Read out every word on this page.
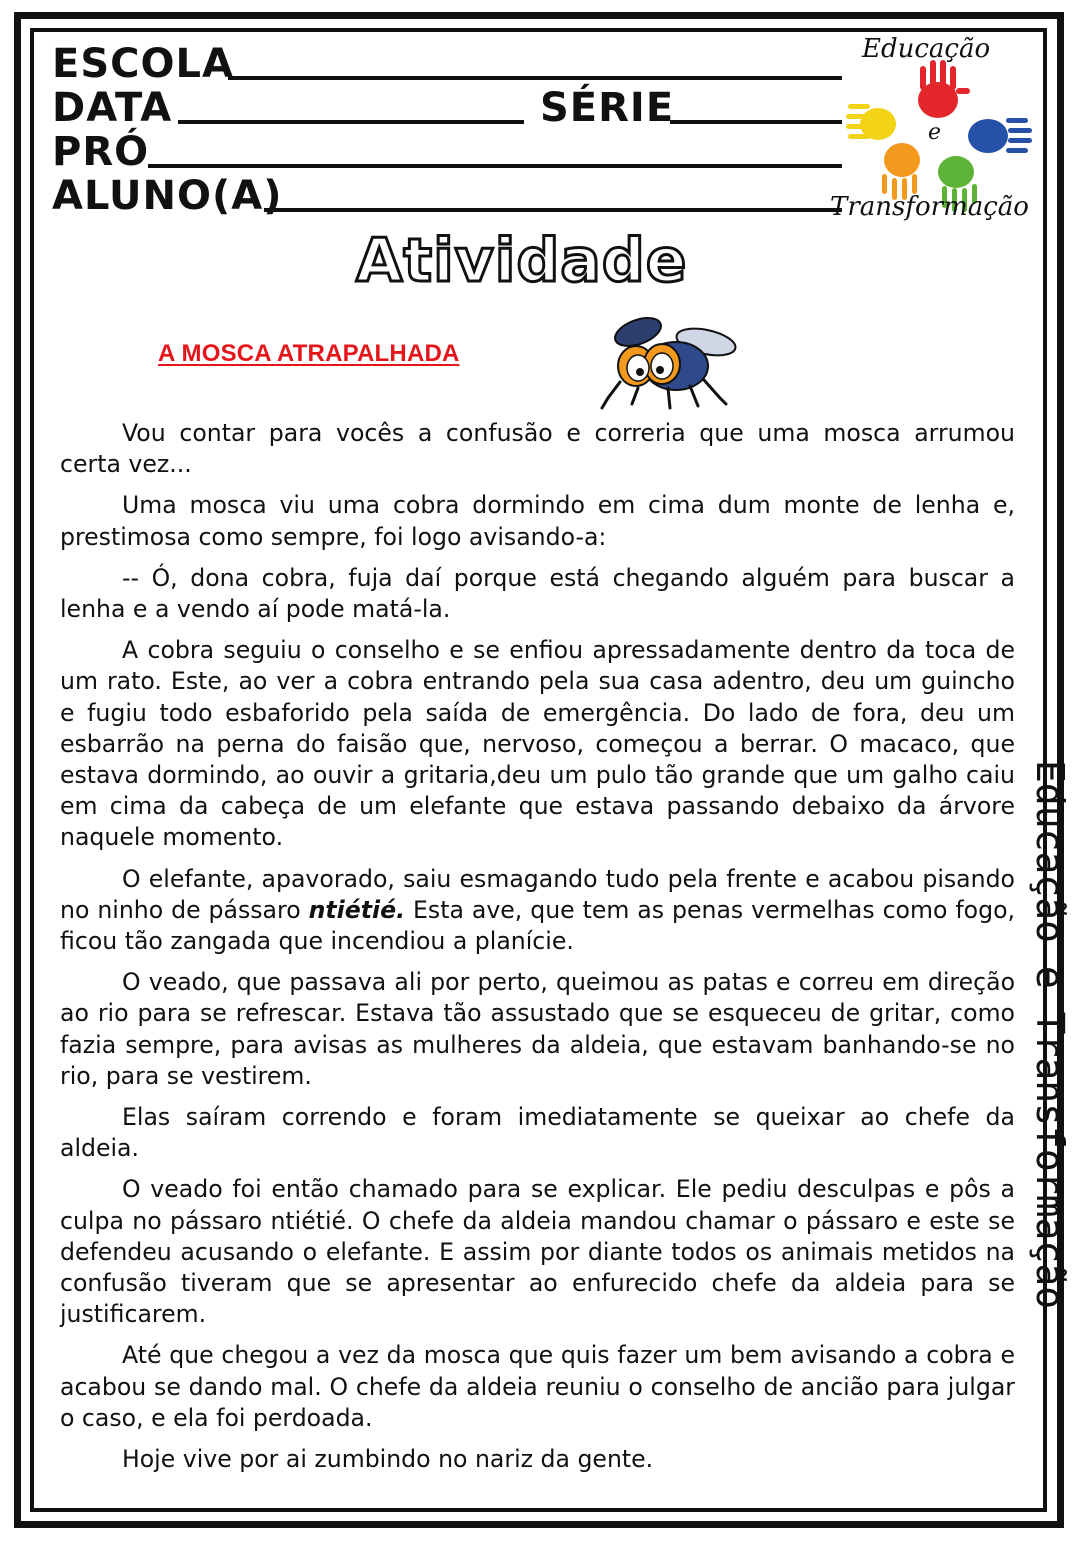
ESCOLA
DATA	SÉRIE
PRÓ
ALUNO(A)
Educação
e
Transformação
Atividade
A MOSCA ATRAPALHADA

Vou contar para vocês a confusão e correria que uma mosca arrumou certa vez...

Uma mosca viu uma cobra dormindo em cima dum monte de lenha e, prestimosa como sempre, foi logo avisando-a:

-- Ó, dona cobra, fuja daí porque está chegando alguém para buscar a lenha e a vendo aí pode matá-la.

A cobra seguiu o conselho e se enfiou apressadamente dentro da toca de um rato. Este, ao ver a cobra entrando pela sua casa adentro, deu um guincho e fugiu todo esbaforido pela saída de emergência. Do lado de fora, deu um esbarrão na perna do faisão que, nervoso, começou a berrar. O macaco, que estava dormindo, ao ouvir a gritaria,deu um pulo tão grande que um galho caiu em cima da cabeça de um elefante que estava passando debaixo da árvore naquele momento.

O elefante, apavorado, saiu esmagando tudo pela frente e acabou pisando no ninho de pássaro ntiétié. Esta ave, que tem as penas vermelhas como fogo, ficou tão zangada que incendiou a planície.

O veado, que passava ali por perto, queimou as patas e correu em direção ao rio para se refrescar. Estava tão assustado que se esqueceu de gritar, como fazia sempre, para avisas as mulheres da aldeia, que estavam banhando-se no rio, para se vestirem.

Elas saíram correndo e foram imediatamente se queixar ao chefe da aldeia.

O veado foi então chamado para se explicar. Ele pediu desculpas e pôs a culpa no pássaro ntiétié. O chefe da aldeia mandou chamar o pássaro e este se defendeu acusando o elefante. E assim por diante todos os animais metidos na confusão tiveram que se apresentar ao enfurecido chefe da aldeia para se justificarem.

Até que chegou a vez da mosca que quis fazer um bem avisando a cobra e acabou se dando mal. O chefe da aldeia reuniu o conselho de ancião para julgar o caso, e ela foi perdoada.

Hoje vive por ai zumbindo no nariz da gente.

Educação e Transformação
